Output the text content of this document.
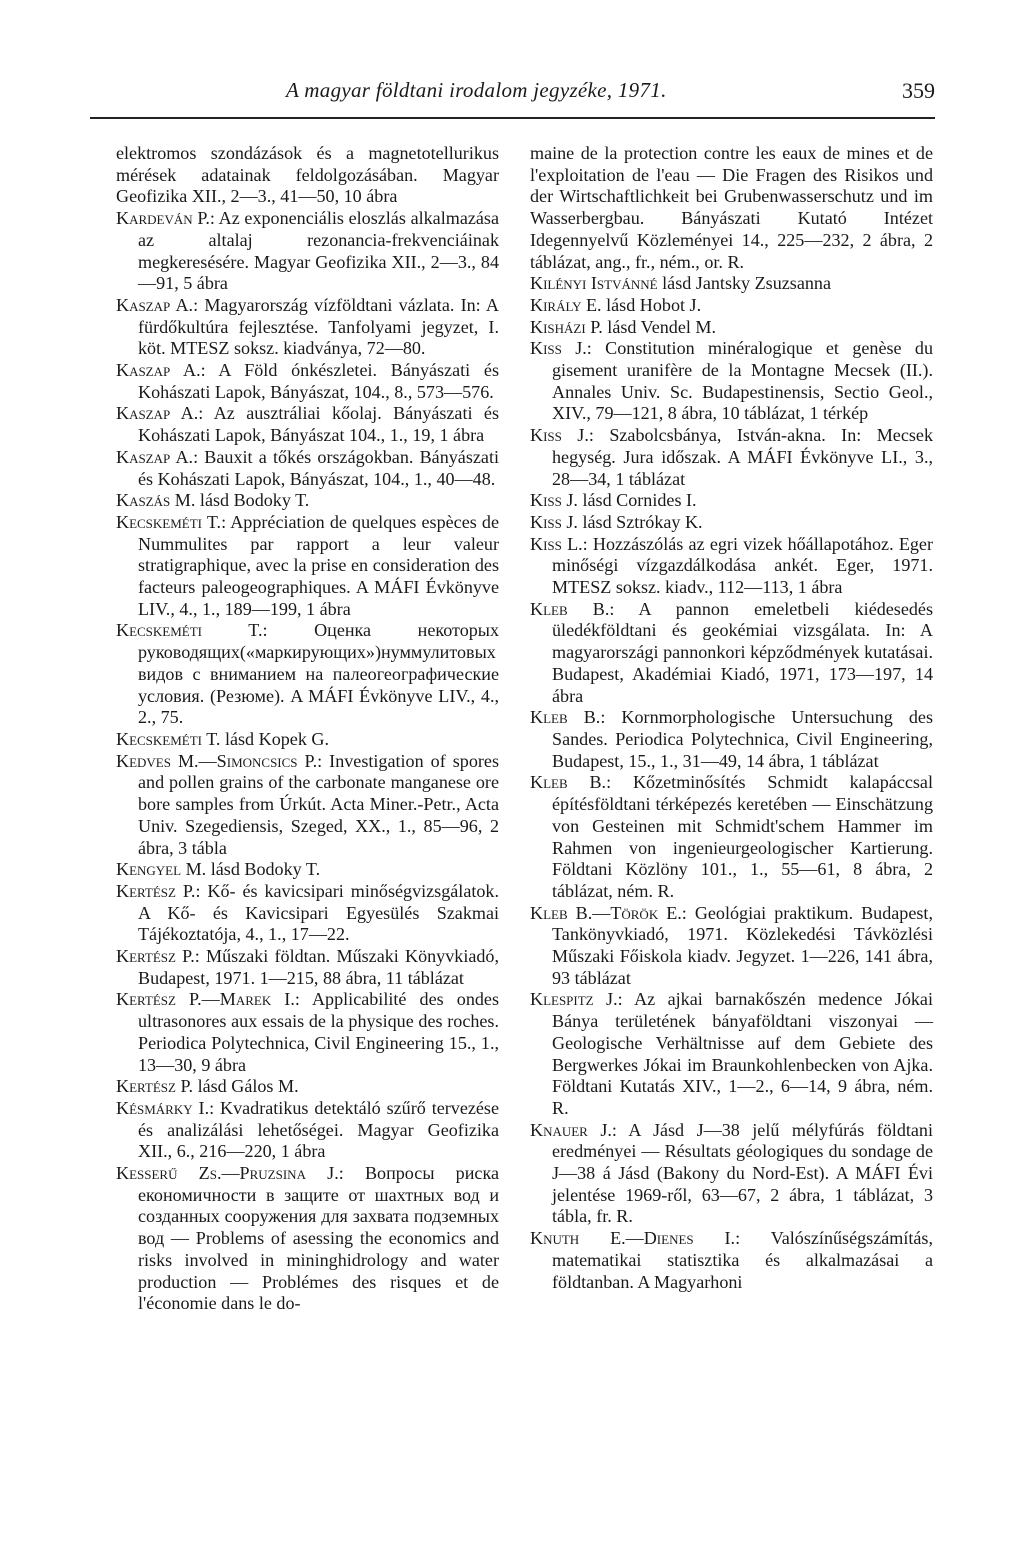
A magyar földtani irodalom jegyzéke, 1971.	359
elektromos szondázások és a magnetotellurikus mérések adatainak feldolgozásában. Magyar Geofizika XII., 2—3., 41—50, 10 ábra
Kardeván P.: Az exponenciális eloszlás alkalmazása az altalaj rezonancia-frekvenciáinak megkeresésére. Magyar Geofizika XII., 2—3., 84—91, 5 ábra
Kaszap A.: Magyarország vízföldtani vázlata. In: A fürdőkultúra fejlesztése. Tanfolyami jegyzet, I. köt. MTESZ soksz. kiadványa, 72—80.
Kaszap A.: A Föld ónkészletei. Bányászati és Kohászati Lapok, Bányászat, 104., 8., 573—576.
Kaszap A.: Az ausztráliai kőolaj. Bányászati és Kohászati Lapok, Bányászat 104., 1., 19, 1 ábra
Kaszap A.: Bauxit a tőkés országokban. Bányászati és Kohászati Lapok, Bányászat, 104., 1., 40—48.
Kaszás M. lásd Bodoky T.
Kecskeméti T.: Appréciation de quelques espèces de Nummulites par rapport a leur valeur stratigraphique, avec la prise en consideration des facteurs paleogeographiques. A MÁFI Évkönyve LIV., 4., 1., 189—199, 1 ábra
Kecskeméti T.: Оценка некоторых руководящих(«маркирующих»)нуммулитовых видов с вниманием на палеогеографические условия. (Резюме). A MÁFI Évkönyve LIV., 4., 2., 75.
Kecskeméti T. lásd Kopek G.
Kedves M.—Simoncsics P.: Investigation of spores and pollen grains of the carbonate manganese ore bore samples from Úrkút. Acta Miner.-Petr., Acta Univ. Szegediensis, Szeged, XX., 1., 85—96, 2 ábra, 3 tábla
Kengyel M. lásd Bodoky T.
Kertész P.: Kő- és kavicsipari minőségvizsgálatok. A Kő- és Kavicsipari Egyesülés Szakmai Tájékoztatója, 4., 1., 17—22.
Kertész P.: Műszaki földtan. Műszaki Könyvkiadó, Budapest, 1971. 1—215, 88 ábra, 11 táblázat
Kertész P.—Marek I.: Applicabilité des ondes ultrasonores aux essais de la physique des roches. Periodica Polytechnica, Civil Engineering 15., 1., 13—30, 9 ábra
Kertész P. lásd Gálos M.
Késmárky I.: Kvadratikus detektáló szűrő tervezése és analizálási lehetőségei. Magyar Geofizika XII., 6., 216—220, 1 ábra
Kesserű Zs.—Pruzsina J.: Вопросы риска економичности в защите от шахтных вод и созданных сооружения для захвата подземных вод — Problems of asessing the economics and risks involved in mininghidrology and water production — Problémes des risques et de l'économie dans le do-
maine de la protection contre les eaux de mines et de l'exploitation de l'eau — Die Fragen des Risikos und der Wirtschaftlichkeit bei Grubenwasserschutz und im Wasserbergbau. Bányászati Kutató Intézet Idegennyelvű Közleményei 14., 225—232, 2 ábra, 2 táblázat, ang., fr., ném., or. R.
Kilényi Istvánné lásd Jantsky Zsuzsanna
Király E. lásd Hobot J.
Kisházi P. lásd Vendel M.
Kiss J.: Constitution minéralogique et genèse du gisement uranifère de la Montagne Mecsek (II.). Annales Univ. Sc. Budapestinensis, Sectio Geol., XIV., 79—121, 8 ábra, 10 táblázat, 1 térkép
Kiss J.: Szabolcsbánya, István-akna. In: Mecsek hegység. Jura időszak. A MÁFI Évkönyve LI., 3., 28—34, 1 táblázat
Kiss J. lásd Cornides I.
Kiss J. lásd Sztrókay K.
Kiss L.: Hozzászólás az egri vizek hőállapotához. Eger minőségi vízgazdálkodása ankét. Eger, 1971. MTESZ soksz. kiadv., 112—113, 1 ábra
Kleb B.: A pannon emeletbeli kiédesedés üledékföldtani és geokémiai vizsgálata. In: A magyarországi pannonkori képződmények kutatásai. Budapest, Akadémiai Kiadó, 1971, 173—197, 14 ábra
Kleb B.: Kornmorphologische Untersuchung des Sandes. Periodica Polytechnica, Civil Engineering, Budapest, 15., 1., 31—49, 14 ábra, 1 táblázat
Kleb B.: Kőzetminősítés Schmidt kalapáccsal építésföldtani térképezés keretében — Einschätzung von Gesteinen mit Schmidt'schem Hammer im Rahmen von ingenieurgeologischer Kartierung. Földtani Közlöny 101., 1., 55—61, 8 ábra, 2 táblázat, ném. R.
Kleb B.—Török E.: Geológiai praktikum. Budapest, Tankönyvkiadó, 1971. Közlekedési Távközlési Műszaki Főiskola kiadv. Jegyzet. 1—226, 141 ábra, 93 táblázat
Klespitz J.: Az ajkai barnakőszén medence Jókai Bánya területének bányaföldtani viszonyai — Geologische Verhältnisse auf dem Gebiete des Bergwerkes Jókai im Braunkohlenbecken von Ajka. Földtani Kutatás XIV., 1—2., 6—14, 9 ábra, ném. R.
Knauer J.: A Jásd J—38 jelű mélyfúrás földtani eredményei — Résultats géologiques du sondage de J—38 á Jásd (Bakony du Nord-Est). A MÁFI Évi jelentése 1969-ről, 63—67, 2 ábra, 1 táblázat, 3 tábla, fr. R.
Knuth E.—Dienes I.: Valószínűségszámítás, matematikai statisztika és alkalmazásai a földtanban. A Magyarhoni
